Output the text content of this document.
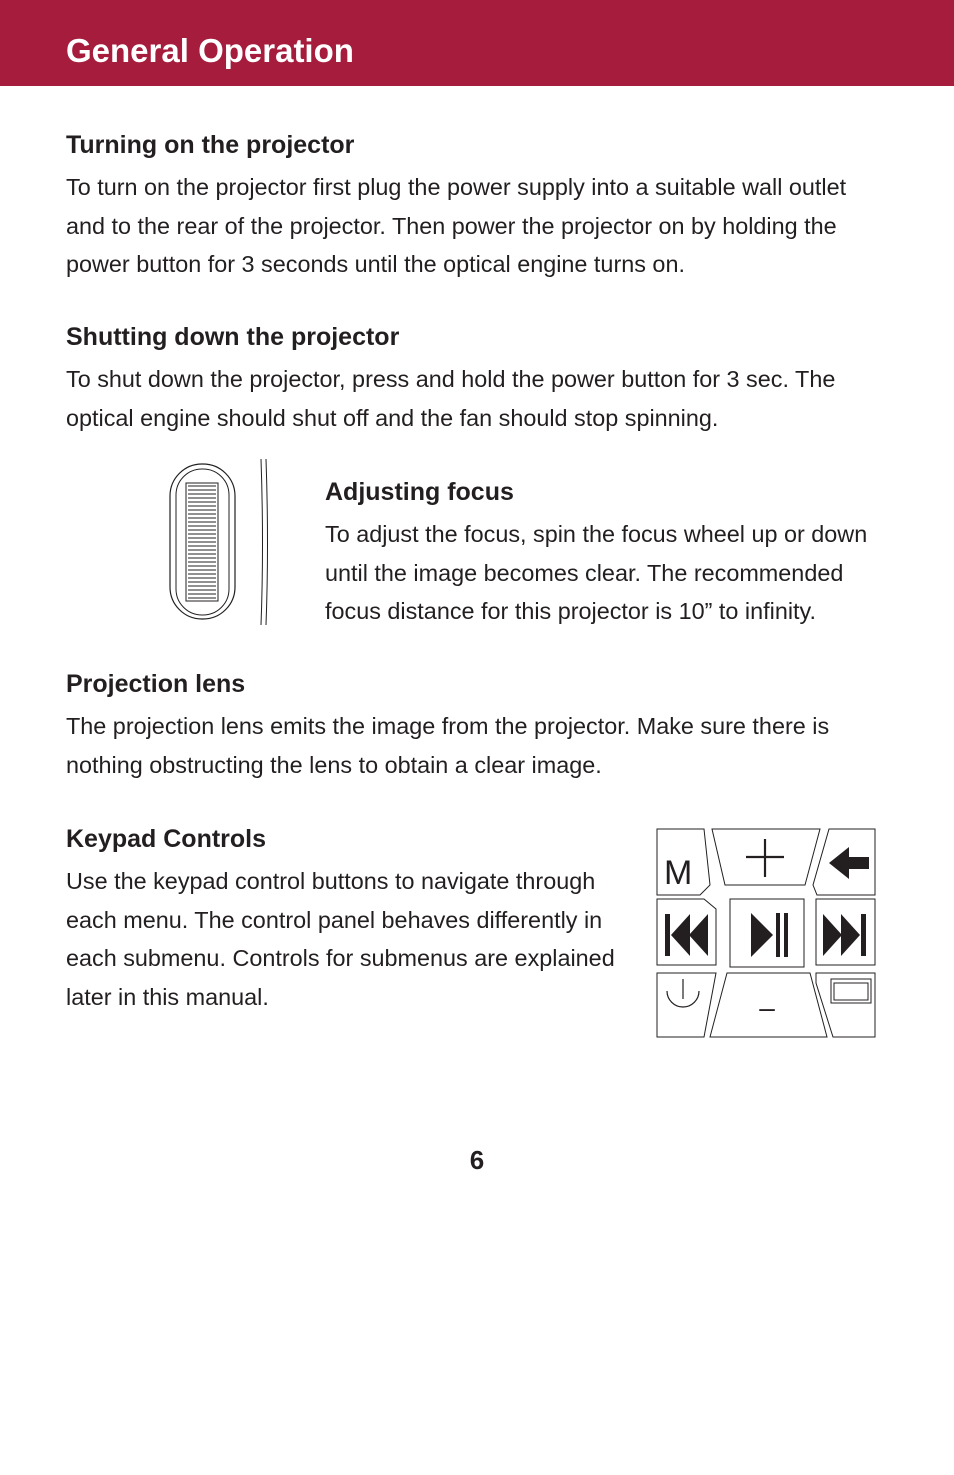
General Operation
Turning on the projector
To turn on the projector first plug the power supply into a suitable wall outlet
and to the rear of the projector. Then power the projector on by holding the
power button for 3 seconds until the optical engine turns on.
Shutting down the projector
To shut down the projector, press and hold the power button for 3 sec. The
optical engine should shut off and the fan should stop spinning.
Adjusting focus
To adjust the focus, spin the focus wheel up or down
until the image becomes clear. The recommended
focus distance for this projector is 10” to infinity.
Projection lens
The projection lens emits the image from the projector. Make sure there is
nothing obstructing the lens to obtain a clear image.
Keypad Controls
Use the keypad control buttons to navigate through
each menu. The control panel behaves differently in
each submenu. Controls for submenus are explained
later in this manual.
M
–
6
